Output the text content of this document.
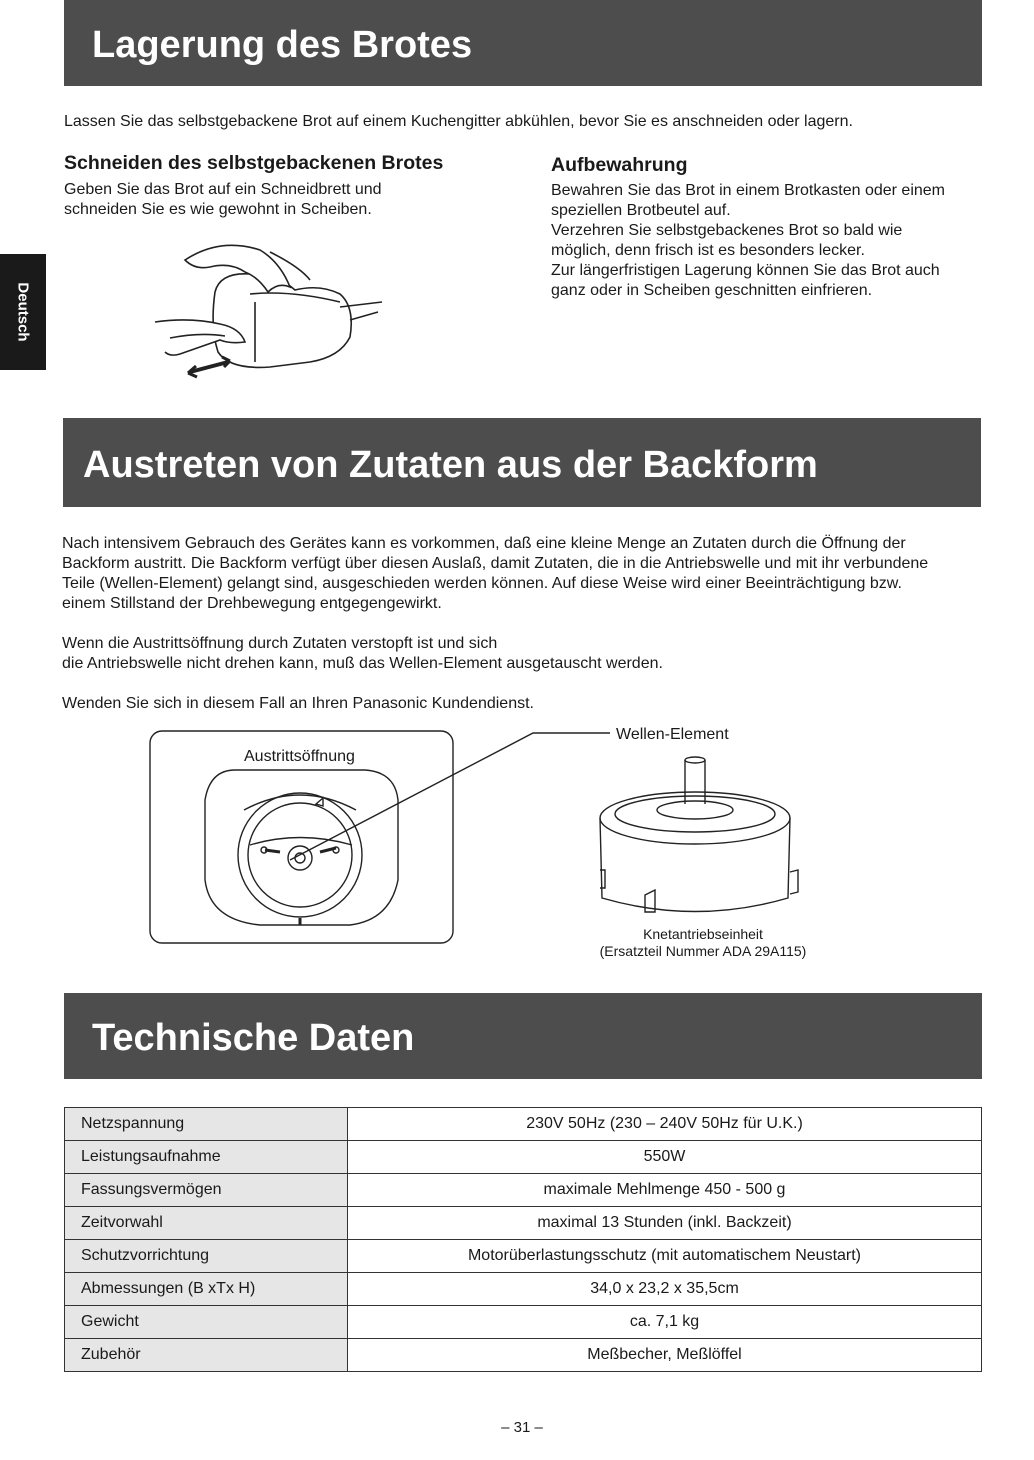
Deutsch
Lagerung des Brotes

Lassen Sie das selbstgebackene Brot auf einem Kuchengitter abkühlen, bevor Sie es anschneiden oder lagern.

Schneiden des selbstgebackenen Brotes

Geben Sie das Brot auf ein Schneidbrett und

schneiden Sie es wie gewohnt in Scheiben.

Aufbewahrung

Bewahren Sie das Brot in einem Brotkasten oder einem

speziellen Brotbeutel auf.

Verzehren Sie selbstgebackenes Brot so bald wie

möglich, denn frisch ist es besonders lecker.

Zur längerfristigen Lagerung können Sie das Brot auch

ganz oder in Scheiben geschnitten einfrieren.

Austreten von Zutaten aus der Backform

Nach intensivem Gebrauch des Gerätes kann es vorkommen, daß eine kleine Menge an Zutaten durch die Öffnung der

Backform austritt. Die Backform verfügt über diesen Auslaß, damit Zutaten, die in die Antriebswelle und mit ihr verbundene

Teile (Wellen-Element) gelangt sind, ausgeschieden werden können. Auf diese Weise wird einer Beeinträchtigung bzw.

einem Stillstand der Drehbewegung entgegengewirkt.

Wenn die Austrittsöffnung durch Zutaten verstopft ist und sich

die Antriebswelle nicht drehen kann, muß das Wellen-Element ausgetauscht werden.

Wenden Sie sich in diesem Fall an Ihren Panasonic Kundendienst.

Austrittsöffnung
Wellen-Element
Knetantriebseinheit
(Ersatzteil Nummer ADA 29A115)
Technische Daten
Netzspannung	230V 50Hz (230 – 240V 50Hz für U.K.)
Leistungsaufnahme	550W
Fassungsvermögen	maximale Mehlmenge 450 - 500 g
Zeitvorwahl	maximal 13 Stunden (inkl. Backzeit)
Schutzvorrichtung	Motorüberlastungsschutz (mit automatischem Neustart)
Abmessungen (B xTx H)	34,0 x 23,2 x 35,5cm
Gewicht	ca. 7,1 kg
Zubehör	Meßbecher, Meßlöffel
– 31 –
